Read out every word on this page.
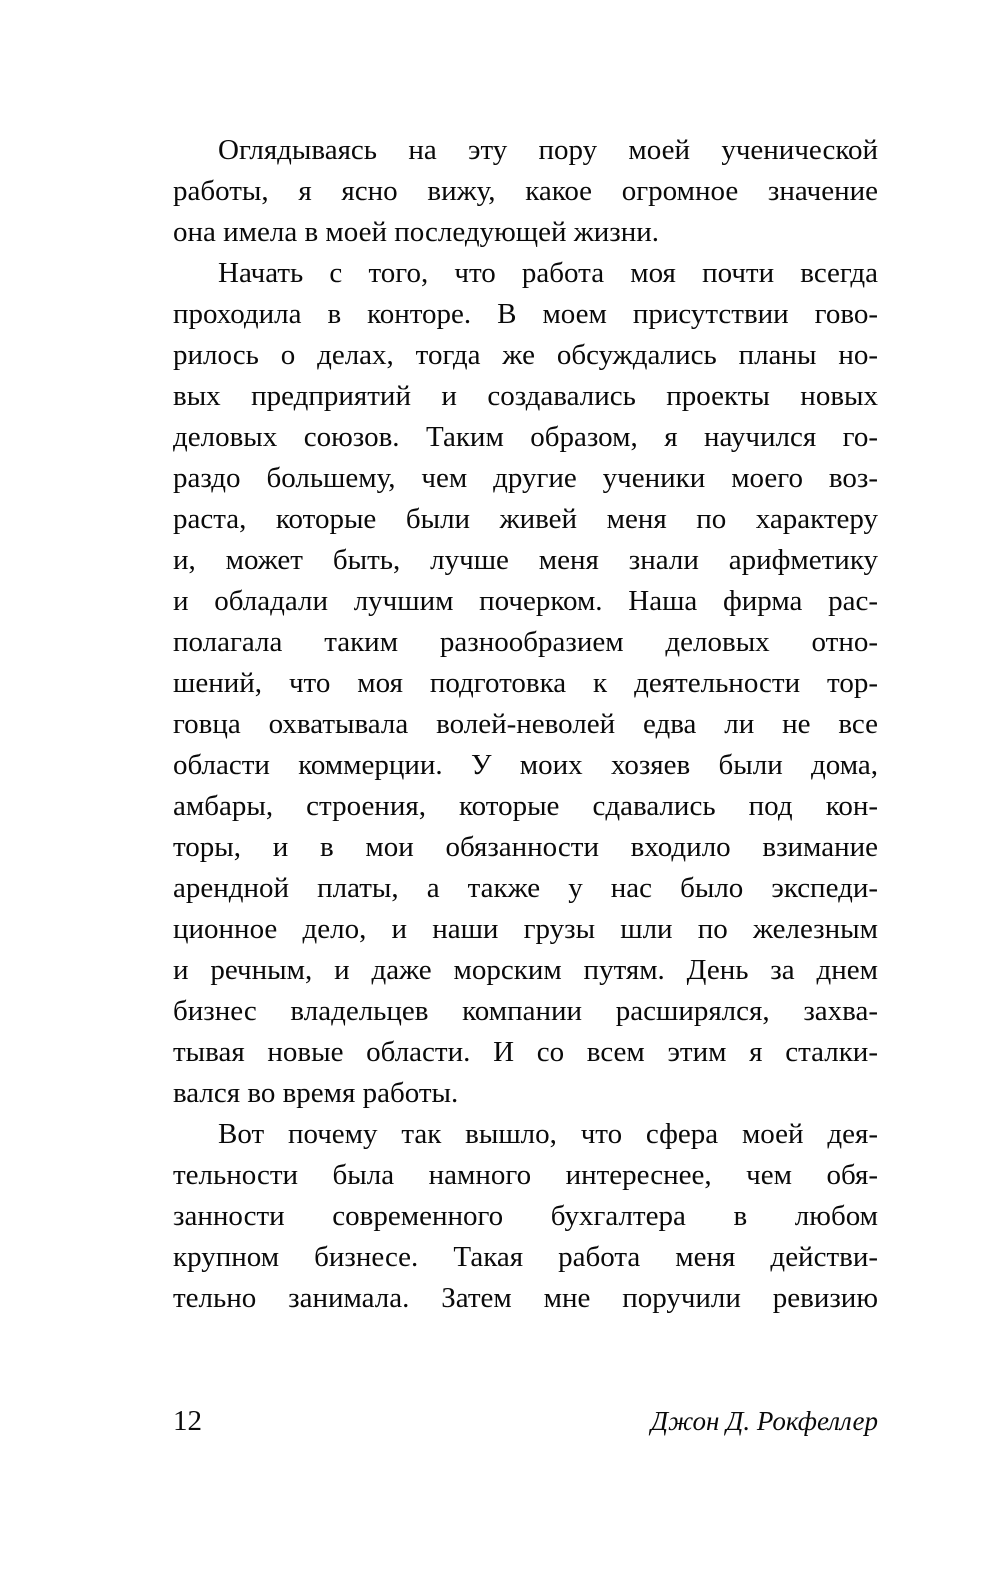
Оглядываясь на эту пору моей ученической
работы, я ясно вижу, какое огромное значение
она имела в моей последующей жизни.
Начать с того, что работа моя почти всегда
проходила в конторе. В моем присутствии гово-
рилось о делах, тогда же обсуждались планы но-
вых предприятий и создавались проекты новых
деловых союзов. Таким образом, я научился го-
раздо большему, чем другие ученики моего воз-
раста, которые были живей меня по характеру
и, может быть, лучше меня знали арифметику
и обладали лучшим почерком. Наша фирма рас-
полагала таким разнообразием деловых отно-
шений, что моя подготовка к деятельности тор-
говца охватывала волей-неволей едва ли не все
области коммерции. У моих хозяев были дома,
амбары, строения, которые сдавались под кон-
торы, и в мои обязанности входило взимание
арендной платы, а также у нас было экспеди-
ционное дело, и наши грузы шли по железным
и речным, и даже морским путям. День за днем
бизнес владельцев компании расширялся, захва-
тывая новые области. И со всем этим я сталки-
вался во время работы.
Вот почему так вышло, что сфера моей дея-
тельности была намного интереснее, чем обя-
занности современного бухгалтера в любом
крупном бизнесе. Такая работа меня действи-
тельно занимала. Затем мне поручили ревизию
12	Джон Д. Рокфеллер
